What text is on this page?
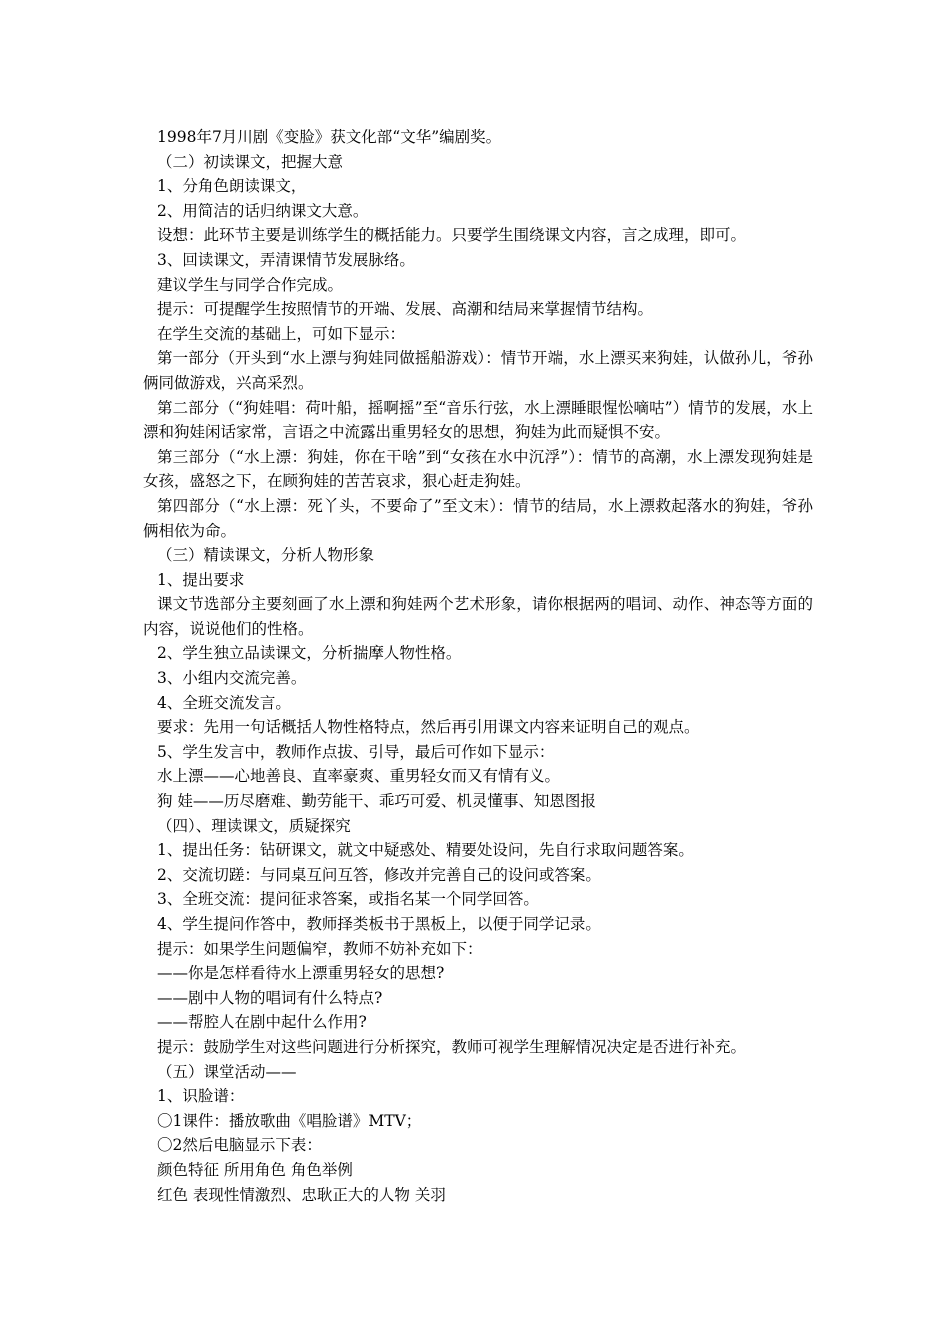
1998年7月川剧《变脸》获文化部“文华”编剧奖。
（二）初读课文，把握大意
1、分角色朗读课文，
2、用简洁的话归纳课文大意。
设想：此环节主要是训练学生的概括能力。只要学生围绕课文内容，言之成理，即可。
3、回读课文，弄清课情节发展脉络。
建议学生与同学合作完成。
提示：可提醒学生按照情节的开端、发展、高潮和结局来掌握情节结构。
在学生交流的基础上，可如下显示：
第一部分（开头到“水上漂与狗娃同做摇船游戏）：情节开端，水上漂买来狗娃，认做孙儿，爷孙俩同做游戏，兴高采烈。
第二部分（“狗娃唱：荷叶船，摇啊摇”至“音乐行弦，水上漂睡眼惺忪嘀咕”）情节的发展，水上漂和狗娃闲话家常，言语之中流露出重男轻女的思想，狗娃为此而疑惧不安。
第三部分（“水上漂：狗娃，你在干啥”到“女孩在水中沉浮”）：情节的高潮，水上漂发现狗娃是女孩，盛怒之下，在顾狗娃的苦苦哀求，狠心赶走狗娃。
第四部分（“水上漂：死丫头，不要命了”至文末）：情节的结局，水上漂救起落水的狗娃，爷孙俩相依为命。
（三）精读课文，分析人物形象
1、提出要求
课文节选部分主要刻画了水上漂和狗娃两个艺术形象，请你根据两的唱词、动作、神态等方面的内容，说说他们的性格。
2、学生独立品读课文，分析揣摩人物性格。
3、小组内交流完善。
4、全班交流发言。
要求：先用一句话概括人物性格特点，然后再引用课文内容来证明自己的观点。
5、学生发言中，教师作点拔、引导，最后可作如下显示：
水上漂——心地善良、直率豪爽、重男轻女而又有情有义。
狗 娃——历尽磨难、勤劳能干、乖巧可爱、机灵懂事、知恩图报
（四）、理读课文，质疑探究
1、提出任务：钻研课文，就文中疑惑处、精要处设问，先自行求取问题答案。
2、交流切蹉：与同桌互问互答，修改并完善自己的设问或答案。
3、全班交流：提问征求答案，或指名某一个同学回答。
4、学生提问作答中，教师择类板书于黑板上，以便于同学记录。
提示：如果学生问题偏窄，教师不妨补充如下：
——你是怎样看待水上漂重男轻女的思想?
——剧中人物的唱词有什么特点?
——帮腔人在剧中起什么作用?
提示：鼓励学生对这些问题进行分析探究，教师可视学生理解情况决定是否进行补充。
（五）课堂活动——
1、识脸谱：
〇1课件：播放歌曲《唱脸谱》MTV；
〇2然后电脑显示下表：
颜色特征 所用角色 角色举例
红色 表现性情激烈、忠耿正大的人物 关羽
